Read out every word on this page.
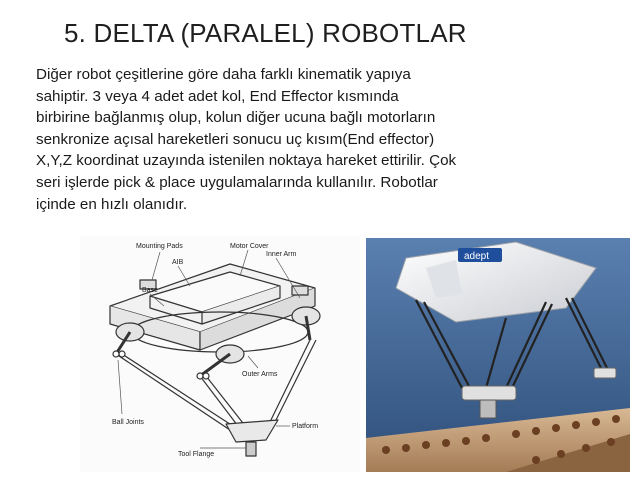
5. DELTA (PARALEL) ROBOTLAR

Diğer robot çeşitlerine göre daha farklı kinematik yapıya
sahiptir. 3 veya 4 adet adet kol, End Effector kısmında
birbirine bağlanmış olup, kolun diğer ucuna bağlı motorların
senkronize açısal hareketleri sonucu uç kısım(End effector)
X,Y,Z koordinat uzayında istenilen noktaya hareket ettirilir. Çok
seri işlerde pick & place uygulamalarında kullanılır. Robotlar
içinde en hızlı olanıdır.

Mounting Pads
AIB
Motor Cover
Inner Arm
Base
Outer Arms
Ball Joints
Platform
Tool Flange
adept
